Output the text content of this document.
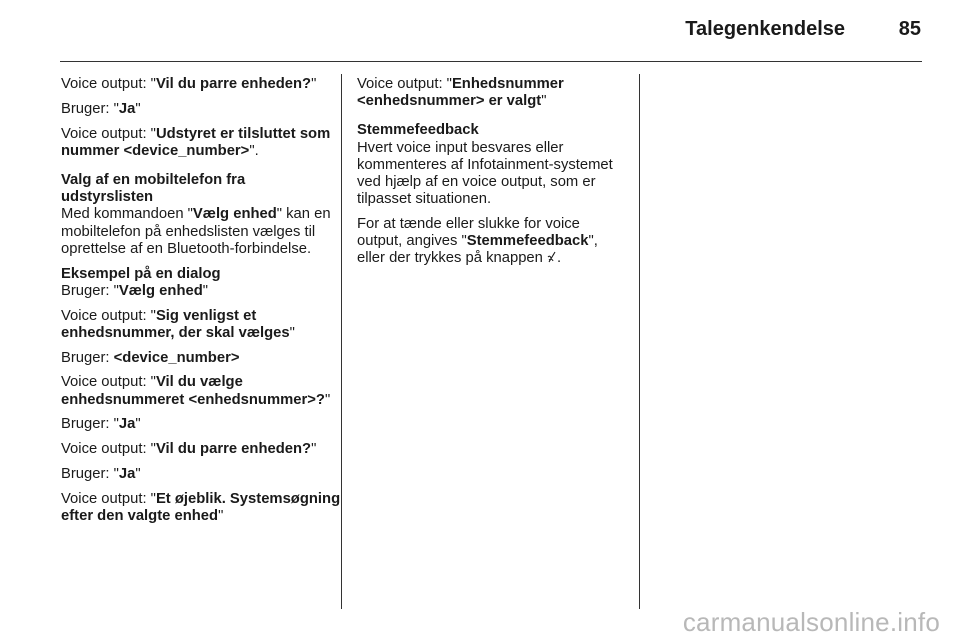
Talegenkendelse	85

Voice output: "Vil du parre enheden?"

Bruger: "Ja"

Voice output: "Udstyret er tilsluttet som nummer <device_number>".

Valg af en mobiltelefon fra udstyrslisten

Med kommandoen "Vælg enhed" kan en mobiltelefon på enhedslisten vælges til oprettelse af en Bluetooth-forbindelse.

Eksempel på en dialog

Bruger: "Vælg enhed"

Voice output: "Sig venligst et enhedsnummer, der skal vælges"

Bruger: <device_number>

Voice output: "Vil du vælge enhedsnummeret <enhedsnummer>?"

Bruger: "Ja"

Voice output: "Vil du parre enheden?"

Bruger: "Ja"

Voice output: "Et øjeblik. Systemsøgning efter den valgte enhed"

Voice output: "Enhedsnummer <enhedsnummer> er valgt"

Stemmefeedback

Hvert voice input besvares eller kommenteres af Infotainment-systemet ved hjælp af en voice output, som er tilpasset situationen.

For at tænde eller slukke for voice output, angives "Stemmefeedback", eller der trykkes på knappen .

carmanualsonline.info
